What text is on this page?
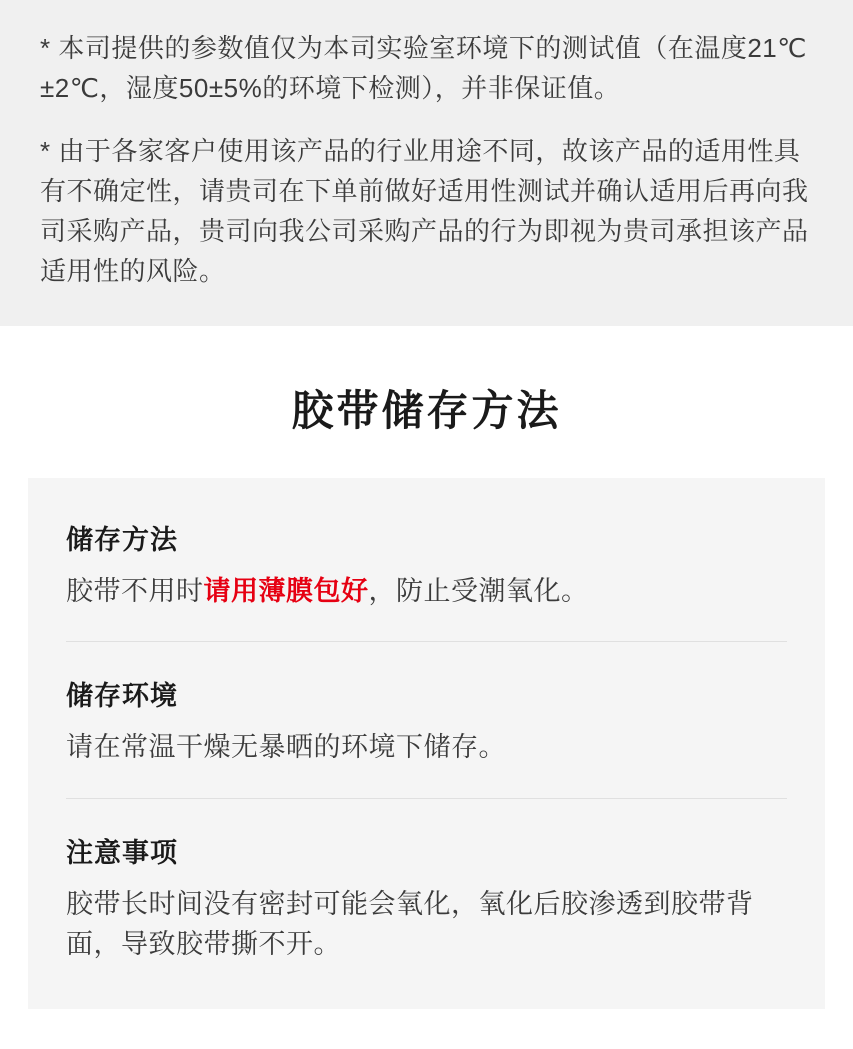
* 本司提供的参数值仅为本司实验室环境下的测试值（在温度21℃±2℃，湿度50±5%的环境下检测），并非保证值。

* 由于各家客户使用该产品的行业用途不同，故该产品的适用性具有不确定性，请贵司在下单前做好适用性测试并确认适用后再向我司采购产品，贵司向我公司采购产品的行为即视为贵司承担该产品适用性的风险。

胶带储存方法
储存方法

胶带不用时请用薄膜包好，防止受潮氧化。

储存环境

请在常温干燥无暴晒的环境下储存。

注意事项

胶带长时间没有密封可能会氧化，氧化后胶渗透到胶带背面，导致胶带撕不开。
